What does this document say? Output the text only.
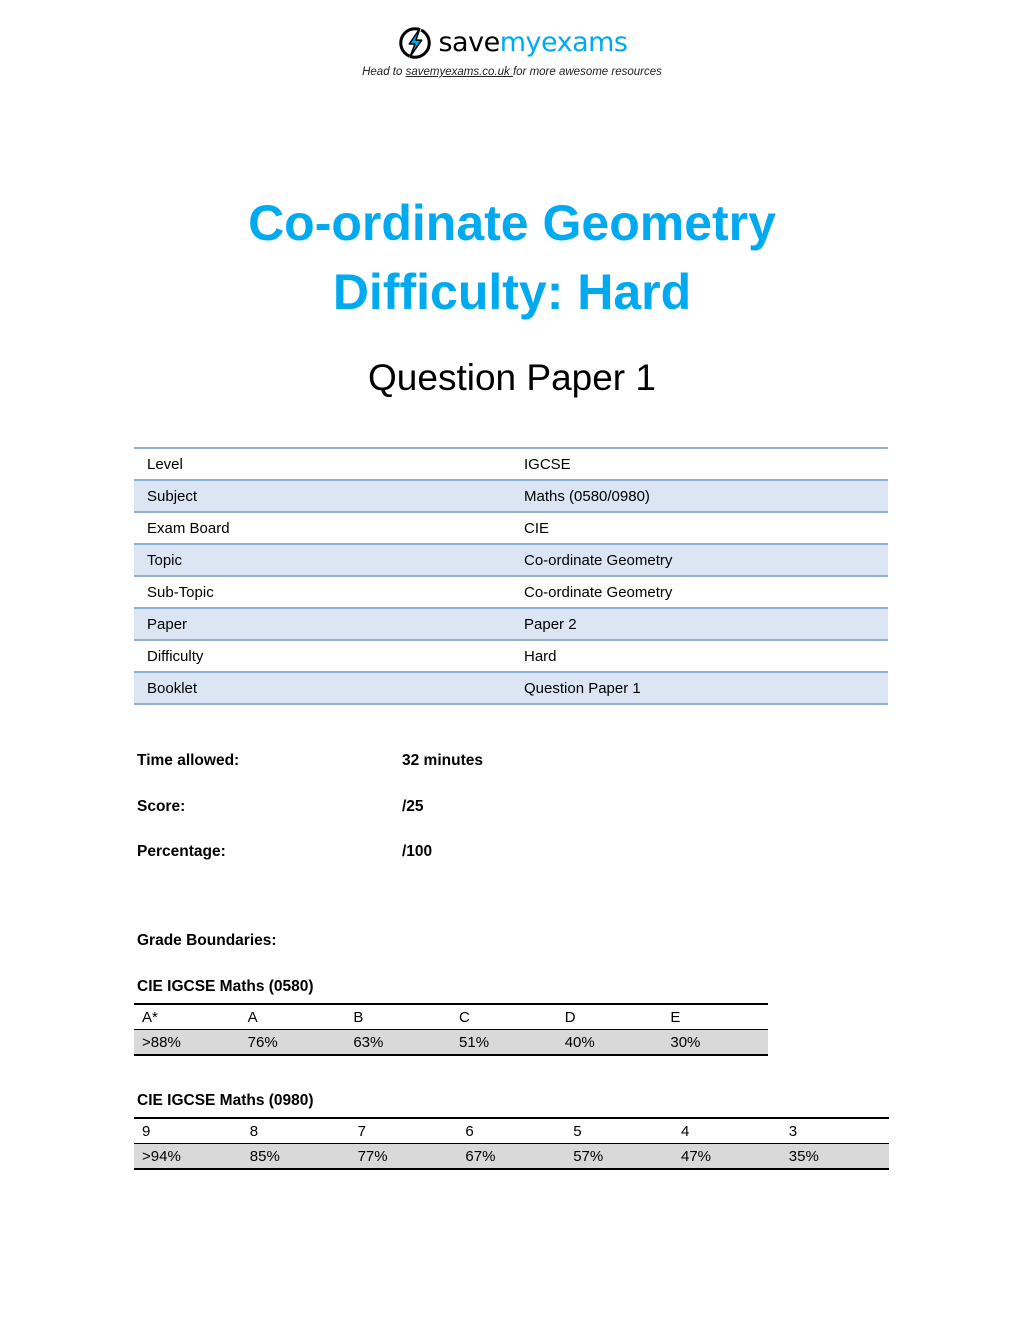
savemyexams
Head to savemyexams.co.uk for more awesome resources
Co-ordinate Geometry
Difficulty: Hard
Question Paper 1
Level	IGCSE
Subject	Maths (0580/0980)
Exam Board	CIE
Topic	Co-ordinate Geometry
Sub-Topic	Co-ordinate Geometry
Paper	Paper 2
Difficulty	Hard
Booklet	Question Paper 1
Time allowed:	32 minutes
Score:	/25
Percentage:	/100
Grade Boundaries:
CIE IGCSE Maths (0580)
A*	A	B	C	D	E
>88%	76%	63%	51%	40%	30%
CIE IGCSE Maths (0980)
9	8	7	6	5	4	3
>94%	85%	77%	67%	57%	47%	35%
